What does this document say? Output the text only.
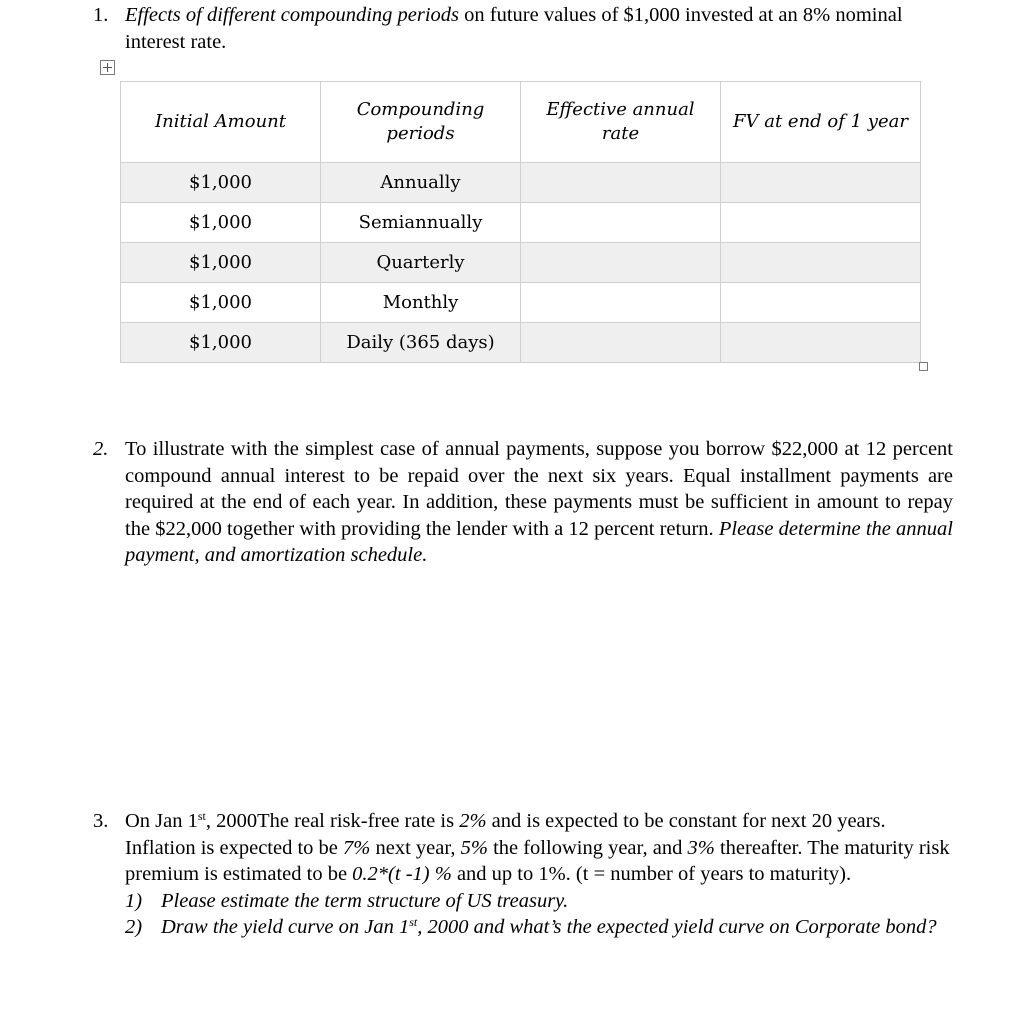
1. Effects of different compounding periods on future values of $1,000 invested at an 8% nominal interest rate.
Initial Amount	Compounding periods	Effective annual rate	FV at end of 1 year
$1,000	Annually		
$1,000	Semiannually		
$1,000	Quarterly		
$1,000	Monthly		
$1,000	Daily (365 days)		
2. To illustrate with the simplest case of annual payments, suppose you borrow $22,000 at 12 percent compound annual interest to be repaid over the next six years. Equal installment payments are required at the end of each year. In addition, these payments must be sufficient in amount to repay the $22,000 together with providing the lender with a 12 percent return. Please determine the annual payment, and amortization schedule.
3. On Jan 1st, 2000The real risk-free rate is 2% and is expected to be constant for next 20 years. Inflation is expected to be 7% next year, 5% the following year, and 3% thereafter. The maturity risk premium is estimated to be 0.2*(t -1) % and up to 1%. (t = number of years to maturity).
1) Please estimate the term structure of US treasury.
2) Draw the yield curve on Jan 1st, 2000 and what’s the expected yield curve on Corporate bond?
